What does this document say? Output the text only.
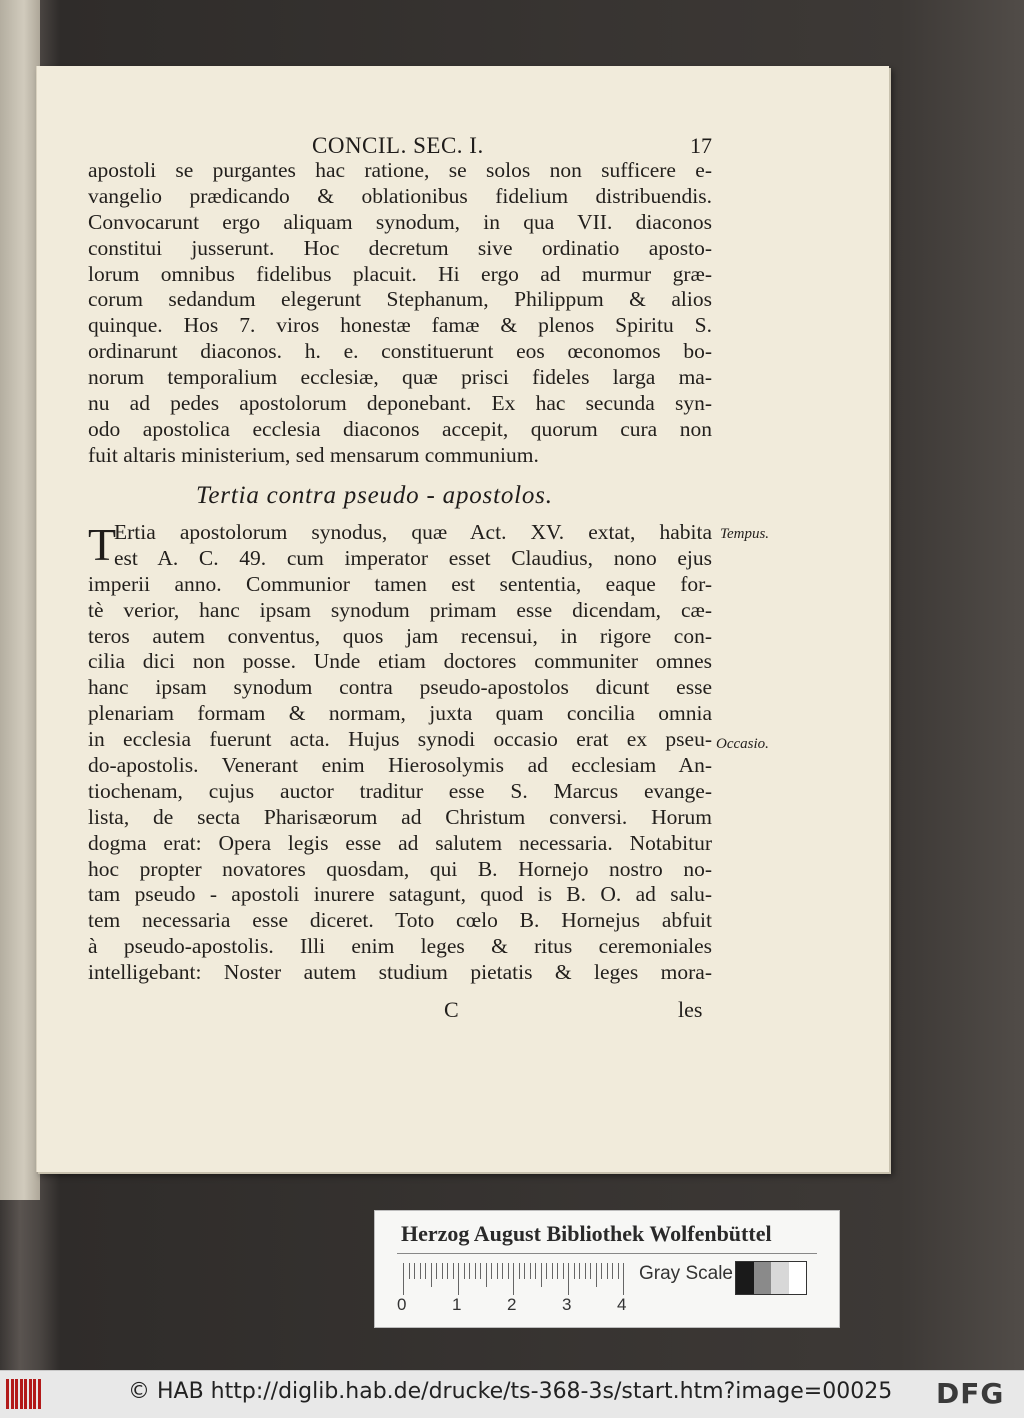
CONCIL. SEC. I.	17
apostoli se purgantes hac ratione, se solos non sufficere e-
vangelio prædicando & oblationibus fidelium distribuendis.
Convocarunt ergo aliquam synodum, in qua VII. diaconos
constitui jusserunt. Hoc decretum sive ordinatio aposto-
lorum omnibus fidelibus placuit. Hi ergo ad murmur græ-
corum sedandum elegerunt Stephanum, Philippum & alios
quinque. Hos 7. viros honestæ famæ & plenos Spiritu S.
ordinarunt diaconos. h. e. constituerunt eos œconomos bo-
norum temporalium ecclesiæ, quæ prisci fideles larga ma-
nu ad pedes apostolorum deponebant. Ex hac secunda syn-
odo apostolica ecclesia diaconos accepit, quorum cura non
fuit altaris ministerium, sed mensarum communium.
Tertia contra pseudo - apostolos.
T
Ertia apostolorum synodus, quæ Act. XV. extat, habita
est A. C. 49. cum imperator esset Claudius, nono ejus
imperii anno. Communior tamen est sententia, eaque for-
tè verior, hanc ipsam synodum primam esse dicendam, cæ-
teros autem conventus, quos jam recensui, in rigore con-
cilia dici non posse. Unde etiam doctores communiter omnes
hanc ipsam synodum contra pseudo-apostolos dicunt esse
plenariam formam & normam, juxta quam concilia omnia
in ecclesia fuerunt acta. Hujus synodi occasio erat ex pseu-
do-apostolis. Venerant enim Hierosolymis ad ecclesiam An-
tiochenam, cujus auctor traditur esse S. Marcus evange-
lista, de secta Pharisæorum ad Christum conversi. Horum
dogma erat: Opera legis esse ad salutem necessaria. Notabitur
hoc propter novatores quosdam, qui B. Hornejo nostro no-
tam pseudo - apostoli inurere satagunt, quod is B. O. ad salu-
tem necessaria esse diceret. Toto cœlo B. Hornejus abfuit
à pseudo-apostolis. Illi enim leges & ritus ceremoniales
intelligebant: Noster autem studium pietatis & leges mora-
Tempus.
Occasio.
C	les
Herzog August Bibliothek Wolfenbüttel
Gray Scale
0	1	2	3	4
© HAB http://diglib.hab.de/drucke/ts-368-3s/start.htm?image=00025 DFG
